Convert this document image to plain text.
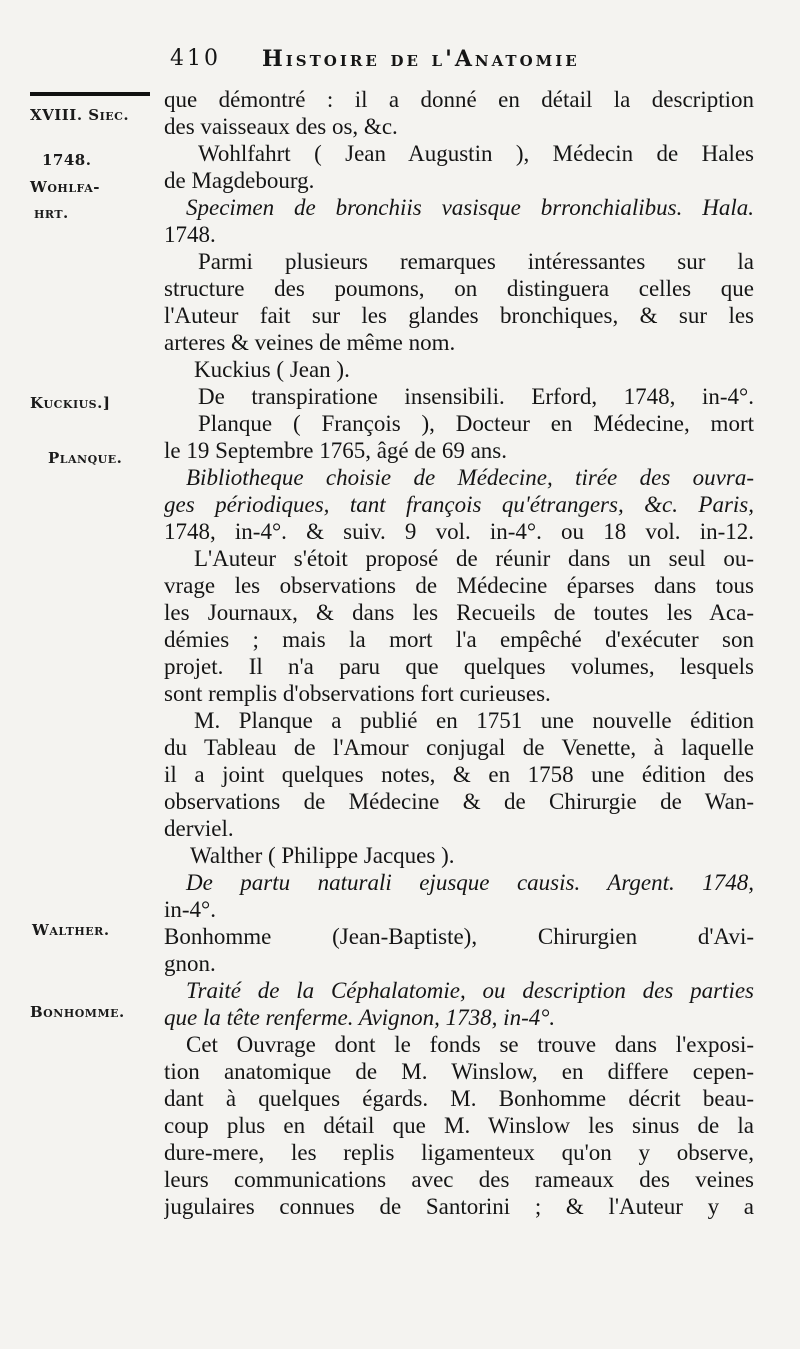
410 Histoire de l'Anatomie
XVIII. Siec.
1748.
Wohlfa-
hrt.
Kuckius.]
Planque.
Walther.
Bonhomme.
que démontré : il a donné en détail la description
des vaisseaux des os, &c.
Wohlfahrt ( Jean Augustin ), Médecin de Hales
de Magdebourg.
Specimen de bronchiis vasisque brronchialibus. Hala.
1748.
Parmi plusieurs remarques intéressantes sur la
structure des poumons, on distinguera celles que
l'Auteur fait sur les glandes bronchiques, & sur les
arteres & veines de même nom.
Kuckius ( Jean ).
De transpiratione insensibili. Erford, 1748, in-4°.
Planque ( François ), Docteur en Médecine, mort
le 19 Septembre 1765, âgé de 69 ans.
Bibliotheque choisie de Médecine, tirée des ouvra-
ges périodiques, tant françois qu'étrangers, &c. Paris,
1748, in-4°. & suiv. 9 vol. in-4°. ou 18 vol. in-12.
L'Auteur s'étoit proposé de réunir dans un seul ou-
vrage les observations de Médecine éparses dans tous
les Journaux, & dans les Recueils de toutes les Aca-
démies ; mais la mort l'a empêché d'exécuter son
projet. Il n'a paru que quelques volumes, lesquels
sont remplis d'observations fort curieuses.
M. Planque a publié en 1751 une nouvelle édition
du Tableau de l'Amour conjugal de Venette, à laquelle
il a joint quelques notes, & en 1758 une édition des
observations de Médecine & de Chirurgie de Wan-
derviel.
Walther ( Philippe Jacques ).
De partu naturali ejusque causis. Argent. 1748,
in-4°.
Bonhomme (Jean-Baptiste), Chirurgien d'Avi-
gnon.
Traité de la Céphalatomie, ou description des parties
que la tête renferme. Avignon, 1738, in-4°.
Cet Ouvrage dont le fonds se trouve dans l'exposi-
tion anatomique de M. Winslow, en differe cepen-
dant à quelques égards. M. Bonhomme décrit beau-
coup plus en détail que M. Winslow les sinus de la
dure-mere, les replis ligamenteux qu'on y observe,
leurs communications avec des rameaux des veines
jugulaires connues de Santorini ; & l'Auteur y a
